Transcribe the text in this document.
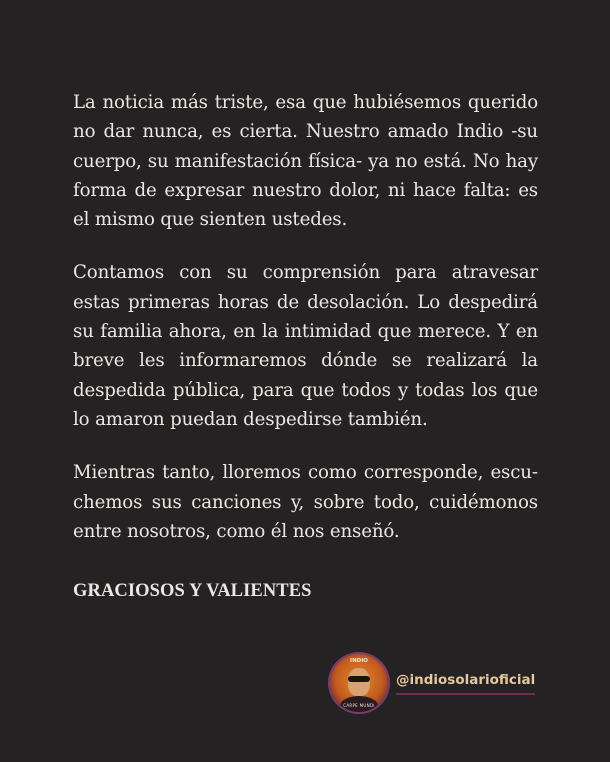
La noticia más triste, esa que hubiésemos querido no dar nunca, es cierta. Nuestro amado Indio -su cuerpo, su manifestación física- ya no está. No hay forma de expresar nuestro dolor, ni hace falta: es el mismo que sienten ustedes.

Contamos con su comprensión para atravesar estas primeras horas de desolación. Lo despedirá su familia ahora, en la intimidad que merece. Y en breve les informaremos dónde se realizará la despedida pública, para que todos y todas los que lo amaron puedan despedirse también.

Mientras tanto, lloremos como corresponde, escuchemos sus canciones y, sobre todo, cuidémonos entre nosotros, como él nos enseñó.

GRACIOSOS Y VALIENTES

INDIO
CARPE MUNDI
@indiosolarioficial
